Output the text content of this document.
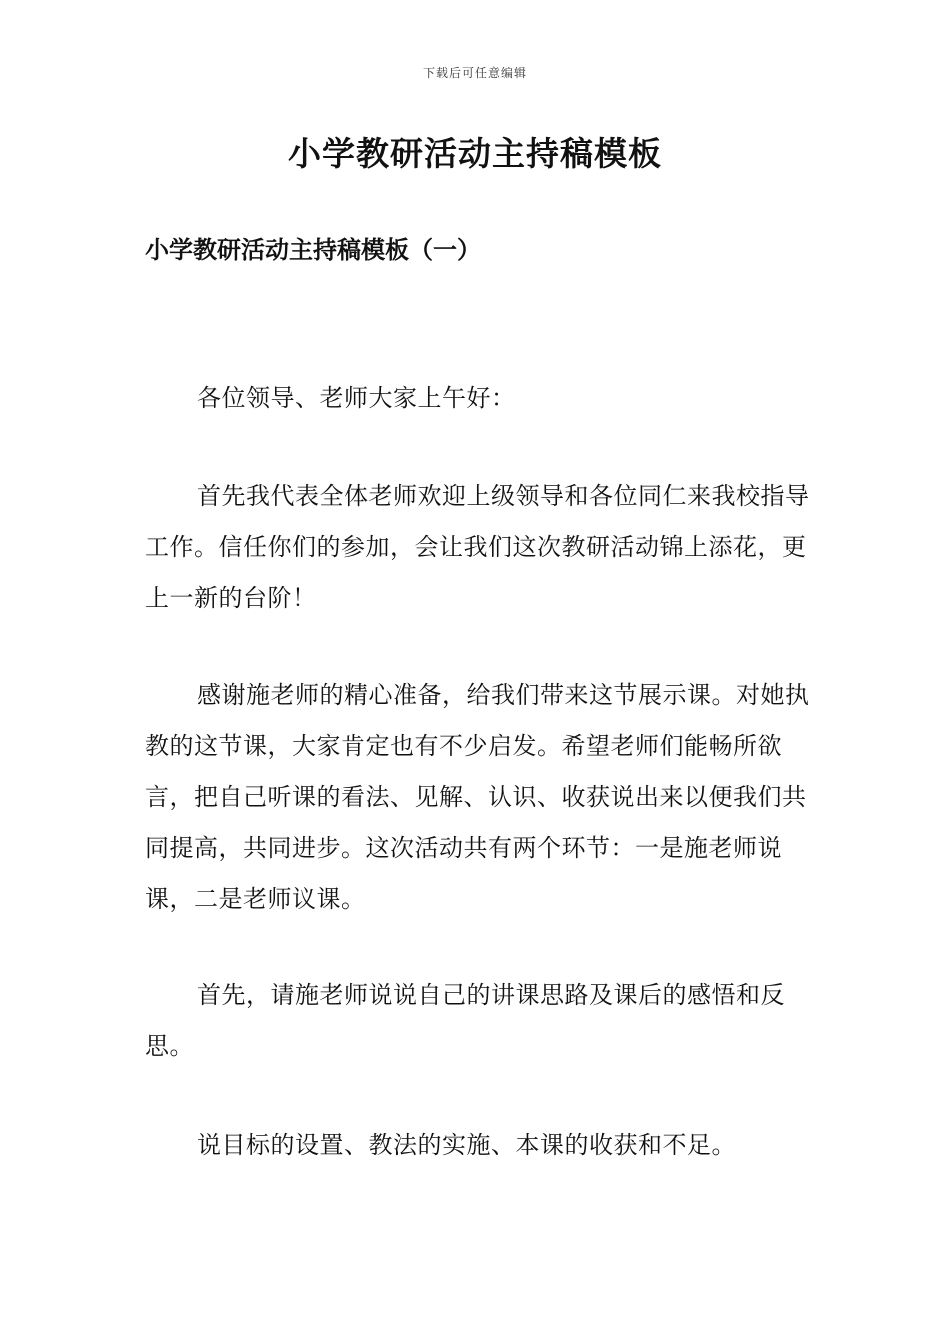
下载后可任意编辑
小学教研活动主持稿模板
小学教研活动主持稿模板（一）

各位领导、老师大家上午好：

首先我代表全体老师欢迎上级领导和各位同仁来我校指导工作。信任你们的参加，会让我们这次教研活动锦上添花，更上一新的台阶！

感谢施老师的精心准备，给我们带来这节展示课。对她执教的这节课，大家肯定也有不少启发。希望老师们能畅所欲言，把自己听课的看法、见解、认识、收获说出来以便我们共同提高，共同进步。这次活动共有两个环节：一是施老师说课，二是老师议课。

首先，请施老师说说自己的讲课思路及课后的感悟和反思。

说目标的设置、教法的实施、本课的收获和不足。
